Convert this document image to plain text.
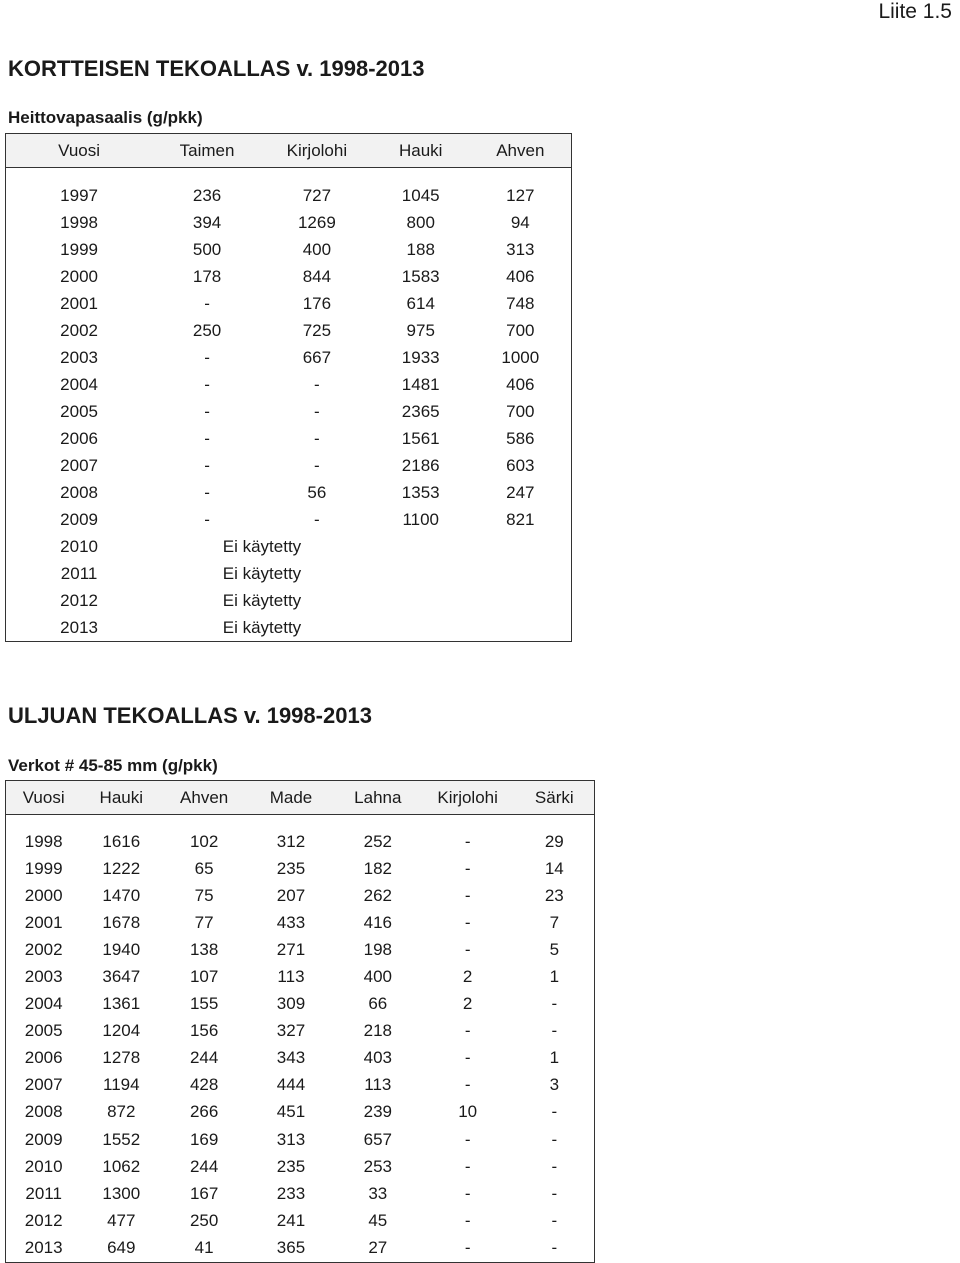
Liite 1.5
KORTTEISEN TEKOALLAS v. 1998-2013
Heittovapasaalis (g/pkk)
Vuosi	Taimen	Kirjolohi	Hauki	Ahven

1997	236	727	1045	127
1998	394	1269	800	94
1999	500	400	188	313
2000	178	844	1583	406
2001	-	176	614	748
2002	250	725	975	700
2003	-	667	1933	1000
2004	-	-	1481	406
2005	-	-	2365	700
2006	-	-	1561	586
2007	-	-	2186	603
2008	-	56	1353	247
2009	-	-	1100	821
2010	Ei käytetty			
2011	Ei käytetty			
2012	Ei käytetty			
2013	Ei käytetty			
ULJUAN TEKOALLAS v. 1998-2013
Verkot # 45-85 mm (g/pkk)
Vuosi	Hauki	Ahven	Made	Lahna	Kirjolohi	Särki

1998	1616	102	312	252	-	29
1999	1222	65	235	182	-	14
2000	1470	75	207	262	-	23
2001	1678	77	433	416	-	7
2002	1940	138	271	198	-	5
2003	3647	107	113	400	2	1
2004	1361	155	309	66	2	-
2005	1204	156	327	218	-	-
2006	1278	244	343	403	-	1
2007	1194	428	444	113	-	3
2008	872	266	451	239	10	-
2009	1552	169	313	657	-	-
2010	1062	244	235	253	-	-
2011	1300	167	233	33	-	-
2012	477	250	241	45	-	-
2013	649	41	365	27	-	-
